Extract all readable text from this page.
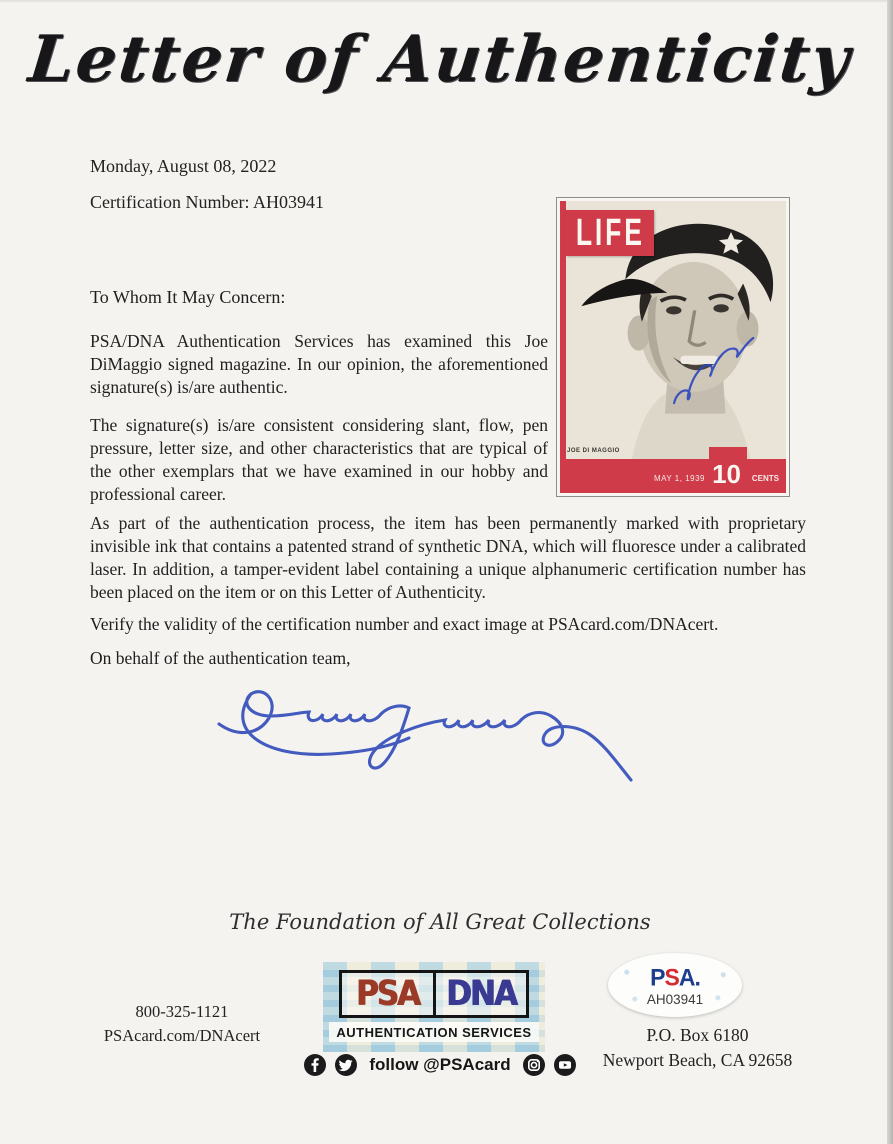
Letter of Authenticity
Monday, August 08, 2022
Certification Number: AH03941
LIFE
JOE DI MAGGIO
MAY 1, 1939 10 CENTS
To Whom It May Concern:

PSA/DNA Authentication Services has examined this Joe DiMaggio signed magazine. In our opinion, the aforementioned signature(s) is/are authentic.

The signature(s) is/are consistent considering slant, flow, pen pressure, letter size, and other characteristics that are typical of the other exemplars that we have examined in our hobby and professional career.

As part of the authentication process, the item has been permanently marked with proprietary invisible ink that contains a patented strand of synthetic DNA, which will fluoresce under a calibrated laser. In addition, a tamper-evident label containing a unique alphanumeric certification number has been placed on the item or on this Letter of Authenticity.

Verify the validity of the certification number and exact image at PSAcard.com/DNAcert.
On behalf of the authentication team,
The Foundation of All Great Collections
PSA DNA
AUTHENTICATION SERVICES
follow @PSAcard
800-325-1121
PSAcard.com/DNAcert
PSA.
AH03941
P.O. Box 6180
Newport Beach, CA 92658
